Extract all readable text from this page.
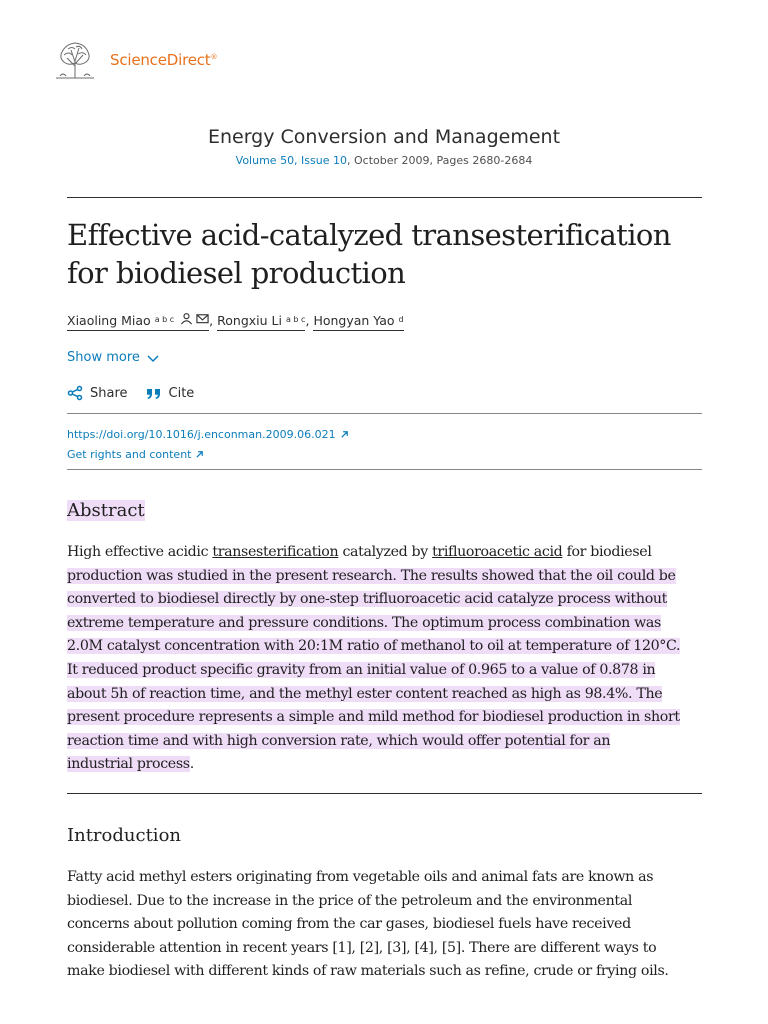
ScienceDirect®
Energy Conversion and Management
Volume 50, Issue 10, October 2009, Pages 2680-2684
Effective acid-catalyzed transesterification for biodiesel production
Xiaoling Miao $^{a b c}$	, Rongxiu Li $^{a b c}$ , Hongyan Yao $^d$
Show more
Share	Cite
https://doi.org/10.1016/j.enconman.2009.06.021
Get rights and content
Abstract

High effective acidic transesterification catalyzed by trifluoroacetic acid for biodiesel
production was studied in the present research. The results showed that the oil could be
converted to biodiesel directly by one-step trifluoroacetic acid catalyze process without
extreme temperature and pressure conditions. The optimum process combination was
2.0M catalyst concentration with 20:1M ratio of methanol to oil at temperature of 120°C.
It reduced product specific gravity from an initial value of 0.965 to a value of 0.878 in
about 5h of reaction time, and the methyl ester content reached as high as 98.4%. The
present procedure represents a simple and mild method for biodiesel production in short
reaction time and with high conversion rate, which would offer potential for an
industrial process.

Introduction

Fatty acid methyl esters originating from vegetable oils and animal fats are known as
biodiesel. Due to the increase in the price of the petroleum and the environmental
concerns about pollution coming from the car gases, biodiesel fuels have received
considerable attention in recent years [1], [2], [3], [4], [5]. There are different ways to
make biodiesel with different kinds of raw materials such as refine, crude or frying oils.
